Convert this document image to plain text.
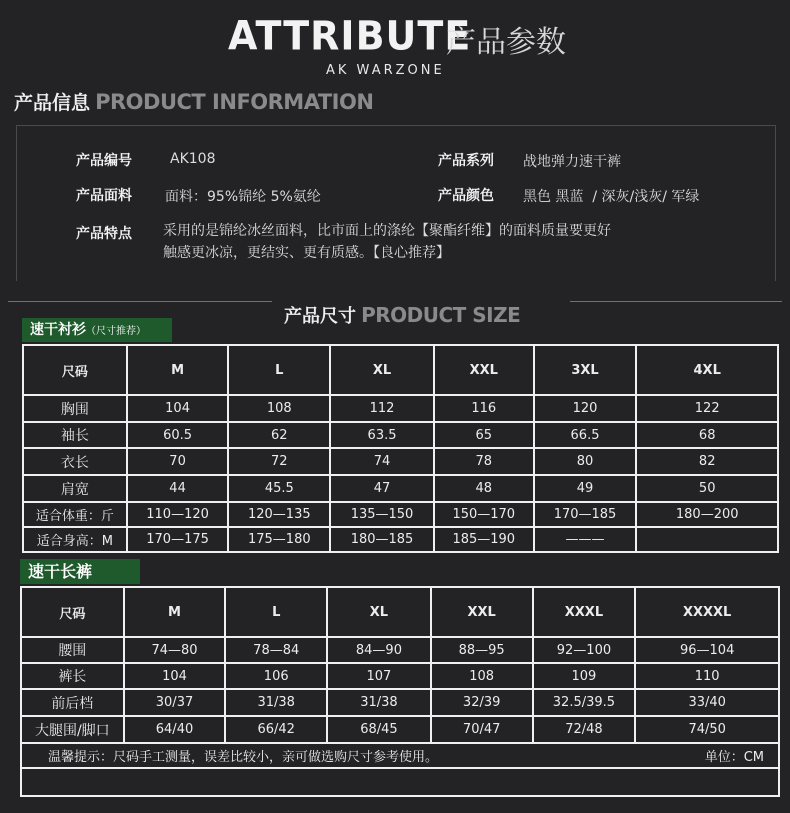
ATTRIBUTE
产品参数
AK WARZONE
产品信息 PRODUCT INFORMATION
产品编号	AK108
产品面料 面料：95%锦纶 5%氨纶
产品特点 采用的是锦纶冰丝面料，比市面上的涤纶【聚酯纤维】的面料质量要更好
触感更冰凉，更结实、更有质感。【良心推荐】
产品系列 战地弹力速干裤
产品颜色 黑色 黑蓝  / 深灰/浅灰/ 军绿
产品尺寸 PRODUCT SIZE
速干衬衫（尺寸推荐）
尺码	M	L	XL	XXL	3XL	4XL
胸围	104	108	112	116	120	122
袖长	60.5	62	63.5	65	66.5	68
衣长	70	72	74	78	80	82
肩宽	44	45.5	47	48	49	50
适合体重：斤	110—120	120—135	135—150	150—170	170—185	180—200
适合身高：M	170—175	175—180	180—185	185—190	———	
速干长裤
尺码	M	L	XL	XXL	XXXL	XXXXL
腰围	74—80	78—84	84—90	88—95	92—100	96—104
裤长	104	106	107	108	109	110
前后档	30/37	31/38	31/38	32/39	32.5/39.5	33/40
大腿围/脚口	64/40	66/42	68/45	70/47	72/48	74/50
温馨提示：尺码手工测量，误差比较小，亲可做选购尺寸参考使用。 单位：CM						
